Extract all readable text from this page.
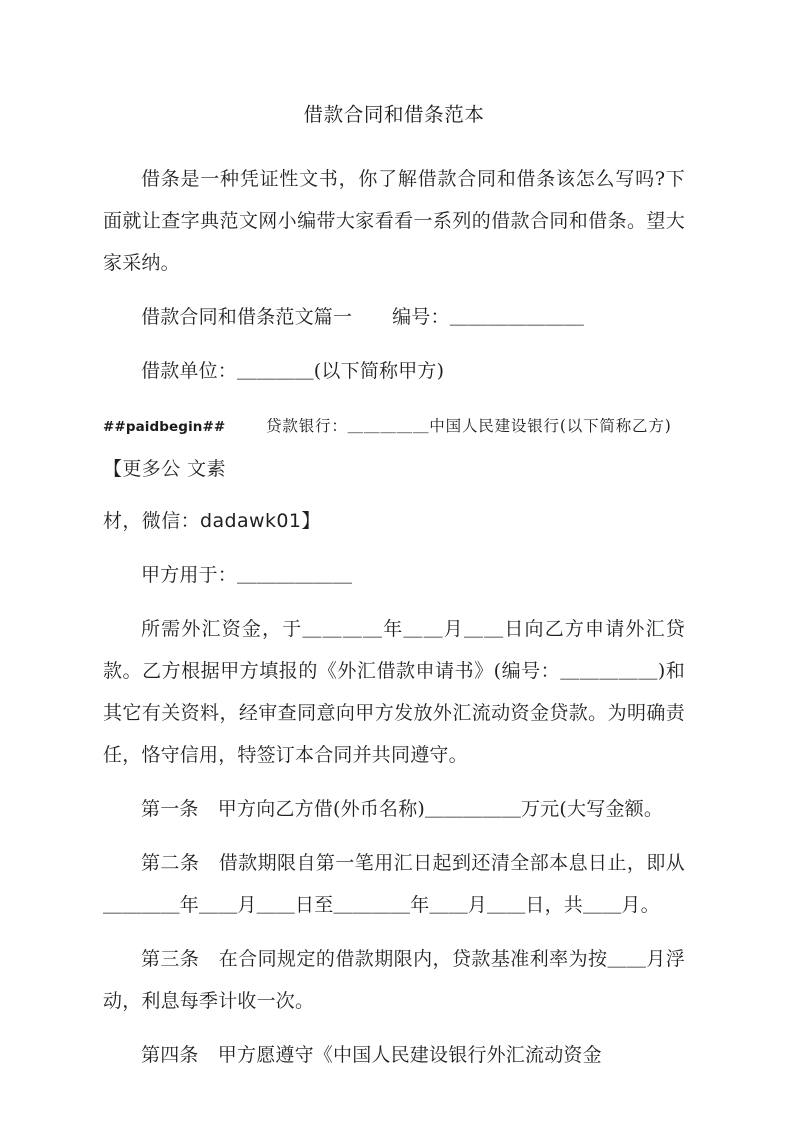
借款合同和借条范本

借条是一种凭证性文书，你了解借款合同和借条该怎么写吗?下面就让查字典范文网小编带大家看看一系列的借款合同和借条。望大家采纳。

借款合同和借条范文篇一 编号：＿＿＿＿＿＿＿

借款单位：＿＿＿＿(以下简称甲方)

##paidbegin##	贷款银行：＿＿＿＿＿中国人民建设银行(以下简称乙方)【更多公 文素

材，微信：dadawk01】

甲方用于：＿＿＿＿＿＿

所需外汇资金，于＿＿＿＿年＿＿月＿＿日向乙方申请外汇贷款。乙方根据甲方填报的《外汇借款申请书》(编号：＿＿＿＿＿)和其它有关资料，经审查同意向甲方发放外汇流动资金贷款。为明确责任，恪守信用，特签订本合同并共同遵守。

第一条　甲方向乙方借(外币名称)＿＿＿＿＿万元(大写金额。

第二条　借款期限自第一笔用汇日起到还清全部本息日止，即从＿＿＿＿年＿＿月＿＿日至＿＿＿＿年＿＿月＿＿日，共＿＿月。

第三条　在合同规定的借款期限内，贷款基准利率为按＿＿月浮动，利息每季计收一次。

第四条　甲方愿遵守《中国人民建设银行外汇流动资金
